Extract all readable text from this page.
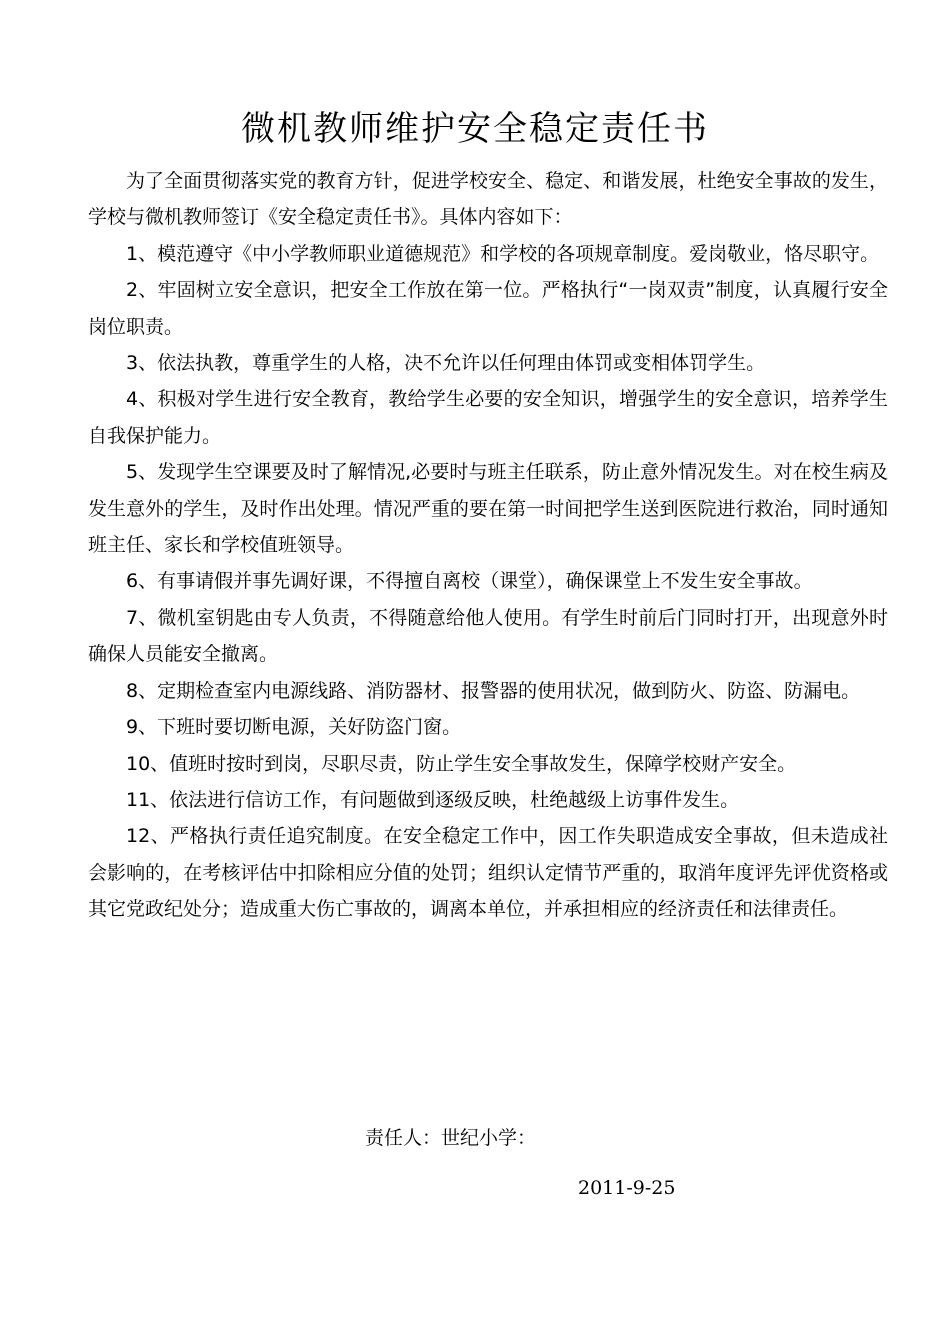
微机教师维护安全稳定责任书

为了全面贯彻落实党的教育方针，促进学校安全、稳定、和谐发展，杜绝安全事故的发生，学校与微机教师签订《安全稳定责任书》。具体内容如下：

1、模范遵守《中小学教师职业道德规范》和学校的各项规章制度。爱岗敬业，恪尽职守。

2、牢固树立安全意识，把安全工作放在第一位。严格执行“一岗双责”制度，认真履行安全岗位职责。

3、依法执教，尊重学生的人格，决不允许以任何理由体罚或变相体罚学生。

4、积极对学生进行安全教育，教给学生必要的安全知识，增强学生的安全意识，培养学生自我保护能力。

5、发现学生空课要及时了解情况,必要时与班主任联系，防止意外情况发生。对在校生病及发生意外的学生，及时作出处理。情况严重的要在第一时间把学生送到医院进行救治，同时通知班主任、家长和学校值班领导。

6、有事请假并事先调好课，不得擅自离校（课堂），确保课堂上不发生安全事故。

7、微机室钥匙由专人负责，不得随意给他人使用。有学生时前后门同时打开，出现意外时确保人员能安全撤离。

8、定期检查室内电源线路、消防器材、报警器的使用状况，做到防火、防盗、防漏电。

9、下班时要切断电源，关好防盗门窗。

10、值班时按时到岗，尽职尽责，防止学生安全事故发生，保障学校财产安全。

11、依法进行信访工作，有问题做到逐级反映，杜绝越级上访事件发生。

12、严格执行责任追究制度。在安全稳定工作中，因工作失职造成安全事故，但未造成社会影响的，在考核评估中扣除相应分值的处罚；组织认定情节严重的，取消年度评先评优资格或其它党政纪处分；造成重大伤亡事故的，调离本单位，并承担相应的经济责任和法律责任。

责任人：世纪小学：

2011-9-25
